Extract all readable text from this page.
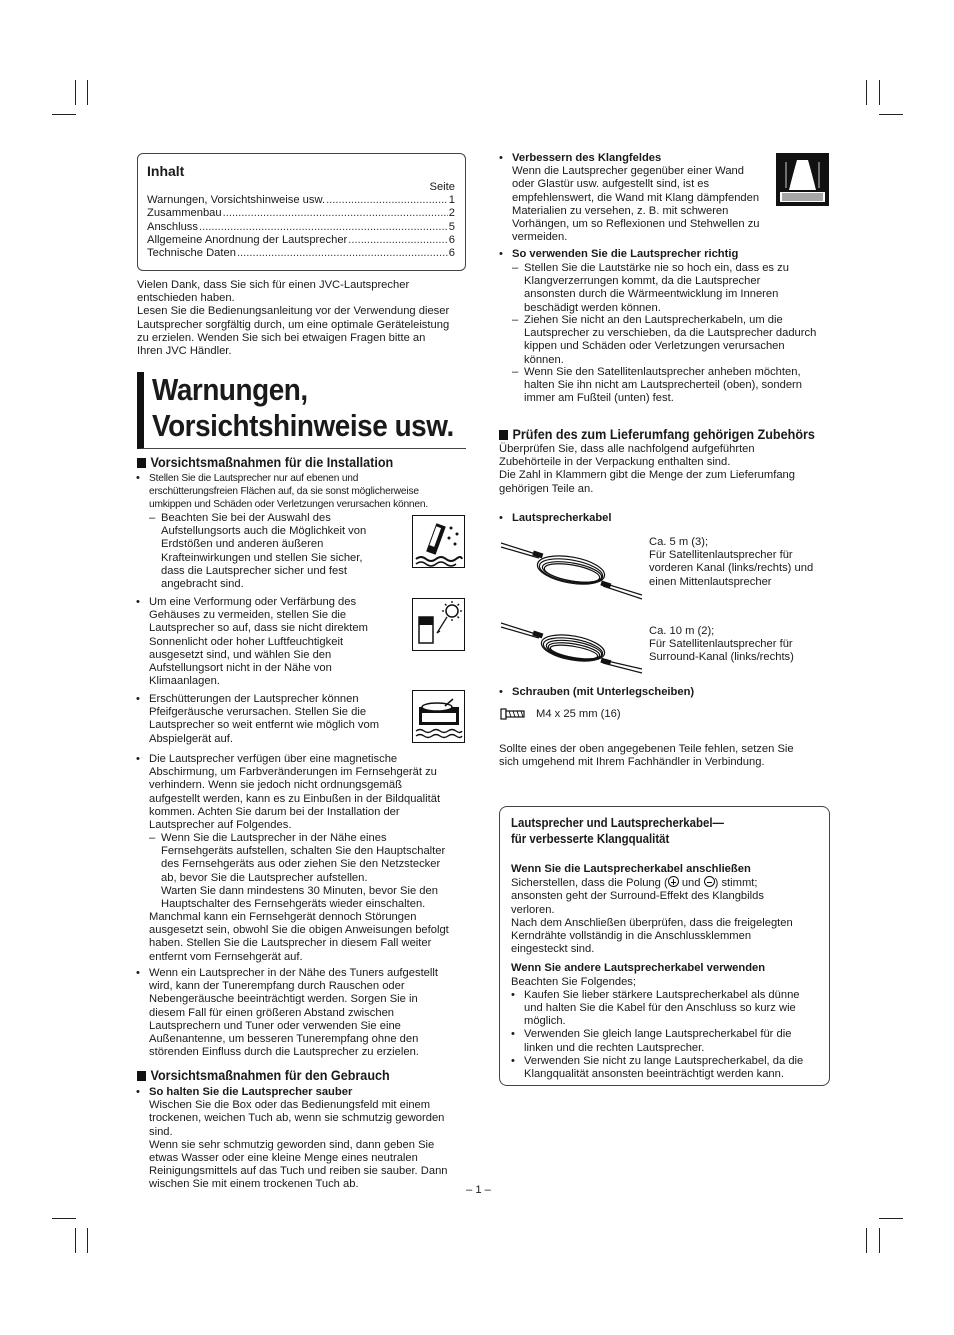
Inhalt
Seite
Warnungen, Vorsichtshinweise usw. .....	1
Zusammenbau .....	2
Anschluss .....	5
Allgemeine Anordnung der Lautsprecher .....	6
Technische Daten .....	6
Vielen Dank, dass Sie sich für einen JVC-Lautsprecher
entschieden haben.
Lesen Sie die Bedienungsanleitung vor der Verwendung dieser
Lautsprecher sorgfältig durch, um eine optimale Geräteleistung
zu erzielen. Wenden Sie sich bei etwaigen Fragen bitte an
Ihren JVC Händler.
Warnungen,
Vorsichtshinweise usw.
Vorsichtsmaßnahmen für die Installation
• Stellen Sie die Lautsprecher nur auf ebenen und
erschütterungsfreien Flächen auf, da sie sonst möglicherweise
umkippen und Schäden oder Verletzungen verursachen können.
– Beachten Sie bei der Auswahl des
Aufstellungsorts auch die Möglichkeit von
Erdstößen und anderen äußeren
Krafteinwirkungen und stellen Sie sicher,
dass die Lautsprecher sicher und fest
angebracht sind.
• Um eine Verformung oder Verfärbung des
Gehäuses zu vermeiden, stellen Sie die
Lautsprecher so auf, dass sie nicht direktem
Sonnenlicht oder hoher Luftfeuchtigkeit
ausgesetzt sind, und wählen Sie den
Aufstellungsort nicht in der Nähe von
Klimaanlagen.
• Erschütterungen der Lautsprecher können
Pfeifgeräusche verursachen. Stellen Sie die
Lautsprecher so weit entfernt wie möglich vom
Abspielgerät auf.
• Die Lautsprecher verfügen über eine magnetische
Abschirmung, um Farbveränderungen im Fernsehgerät zu
verhindern. Wenn sie jedoch nicht ordnungsgemäß
aufgestellt werden, kann es zu Einbußen in der Bildqualität
kommen. Achten Sie darum bei der Installation der
Lautsprecher auf Folgendes.
– Wenn Sie die Lautsprecher in der Nähe eines
Fernsehgeräts aufstellen, schalten Sie den Hauptschalter
des Fernsehgeräts aus oder ziehen Sie den Netzstecker
ab, bevor Sie die Lautsprecher aufstellen.
Warten Sie dann mindestens 30 Minuten, bevor Sie den
Hauptschalter des Fernsehgeräts wieder einschalten.
Manchmal kann ein Fernsehgerät dennoch Störungen
ausgesetzt sein, obwohl Sie die obigen Anweisungen befolgt
haben. Stellen Sie die Lautsprecher in diesem Fall weiter
entfernt vom Fernsehgerät auf.
• Wenn ein Lautsprecher in der Nähe des Tuners aufgestellt
wird, kann der Tunerempfang durch Rauschen oder
Nebengeräusche beeinträchtigt werden. Sorgen Sie in
diesem Fall für einen größeren Abstand zwischen
Lautsprechern und Tuner oder verwenden Sie eine
Außenantenne, um besseren Tunerempfang ohne den
störenden Einfluss durch die Lautsprecher zu erzielen.
Vorsichtsmaßnahmen für den Gebrauch
• So halten Sie die Lautsprecher sauber
Wischen Sie die Box oder das Bedienungsfeld mit einem
trockenen, weichen Tuch ab, wenn sie schmutzig geworden
sind.
Wenn sie sehr schmutzig geworden sind, dann geben Sie
etwas Wasser oder eine kleine Menge eines neutralen
Reinigungsmittels auf das Tuch und reiben sie sauber. Dann
wischen Sie mit einem trockenen Tuch ab.
• Verbessern des Klangfeldes
Wenn die Lautsprecher gegenüber einer Wand
oder Glastür usw. aufgestellt sind, ist es
empfehlenswert, die Wand mit Klang dämpfenden
Materialien zu versehen, z. B. mit schweren
Vorhängen, um so Reflexionen und Stehwellen zu
vermeiden.
• So verwenden Sie die Lautsprecher richtig
– Stellen Sie die Lautstärke nie so hoch ein, dass es zu
Klangverzerrungen kommt, da die Lautsprecher
ansonsten durch die Wärmeentwicklung im Inneren
beschädigt werden können.
– Ziehen Sie nicht an den Lautsprecherkabeln, um die
Lautsprecher zu verschieben, da die Lautsprecher dadurch
kippen und Schäden oder Verletzungen verursachen
können.
– Wenn Sie den Satellitenlautsprecher anheben möchten,
halten Sie ihn nicht am Lautsprecherteil (oben), sondern
immer am Fußteil (unten) fest.
Prüfen des zum Lieferumfang gehörigen Zubehörs
Überprüfen Sie, dass alle nachfolgend aufgeführten
Zubehörteile in der Verpackung enthalten sind.
Die Zahl in Klammern gibt die Menge der zum Lieferumfang
gehörigen Teile an.
• Lautsprecherkabel
Ca. 5 m (3);
Für Satellitenlautsprecher für
vorderen Kanal (links/rechts) und
einen Mittenlautsprecher
Ca. 10 m (2);
Für Satellitenlautsprecher für
Surround-Kanal (links/rechts)
• Schrauben (mit Unterlegscheiben)
M4 x 25 mm (16)
Sollte eines der oben angegebenen Teile fehlen, setzen Sie
sich umgehend mit Ihrem Fachhändler in Verbindung.
Lautsprecher und Lautsprecherkabel—
für verbesserte Klangqualität
Wenn Sie die Lautsprecherkabel anschließen
Sicherstellen, dass die Polung (
und
) stimmt;
ansonsten geht der Surround-Effekt des Klangbilds
verloren.
Nach dem Anschließen überprüfen, dass die freigelegten
Kerndrähte vollständig in die Anschlussklemmen
eingesteckt sind.
Wenn Sie andere Lautsprecherkabel verwenden
Beachten Sie Folgendes;
• Kaufen Sie lieber stärkere Lautsprecherkabel als dünne
und halten Sie die Kabel für den Anschluss so kurz wie
möglich.
• Verwenden Sie gleich lange Lautsprecherkabel für die
linken und die rechten Lautsprecher.
• Verwenden Sie nicht zu lange Lautsprecherkabel, da die
Klangqualität ansonsten beeinträchtigt werden kann.
– 1 –
